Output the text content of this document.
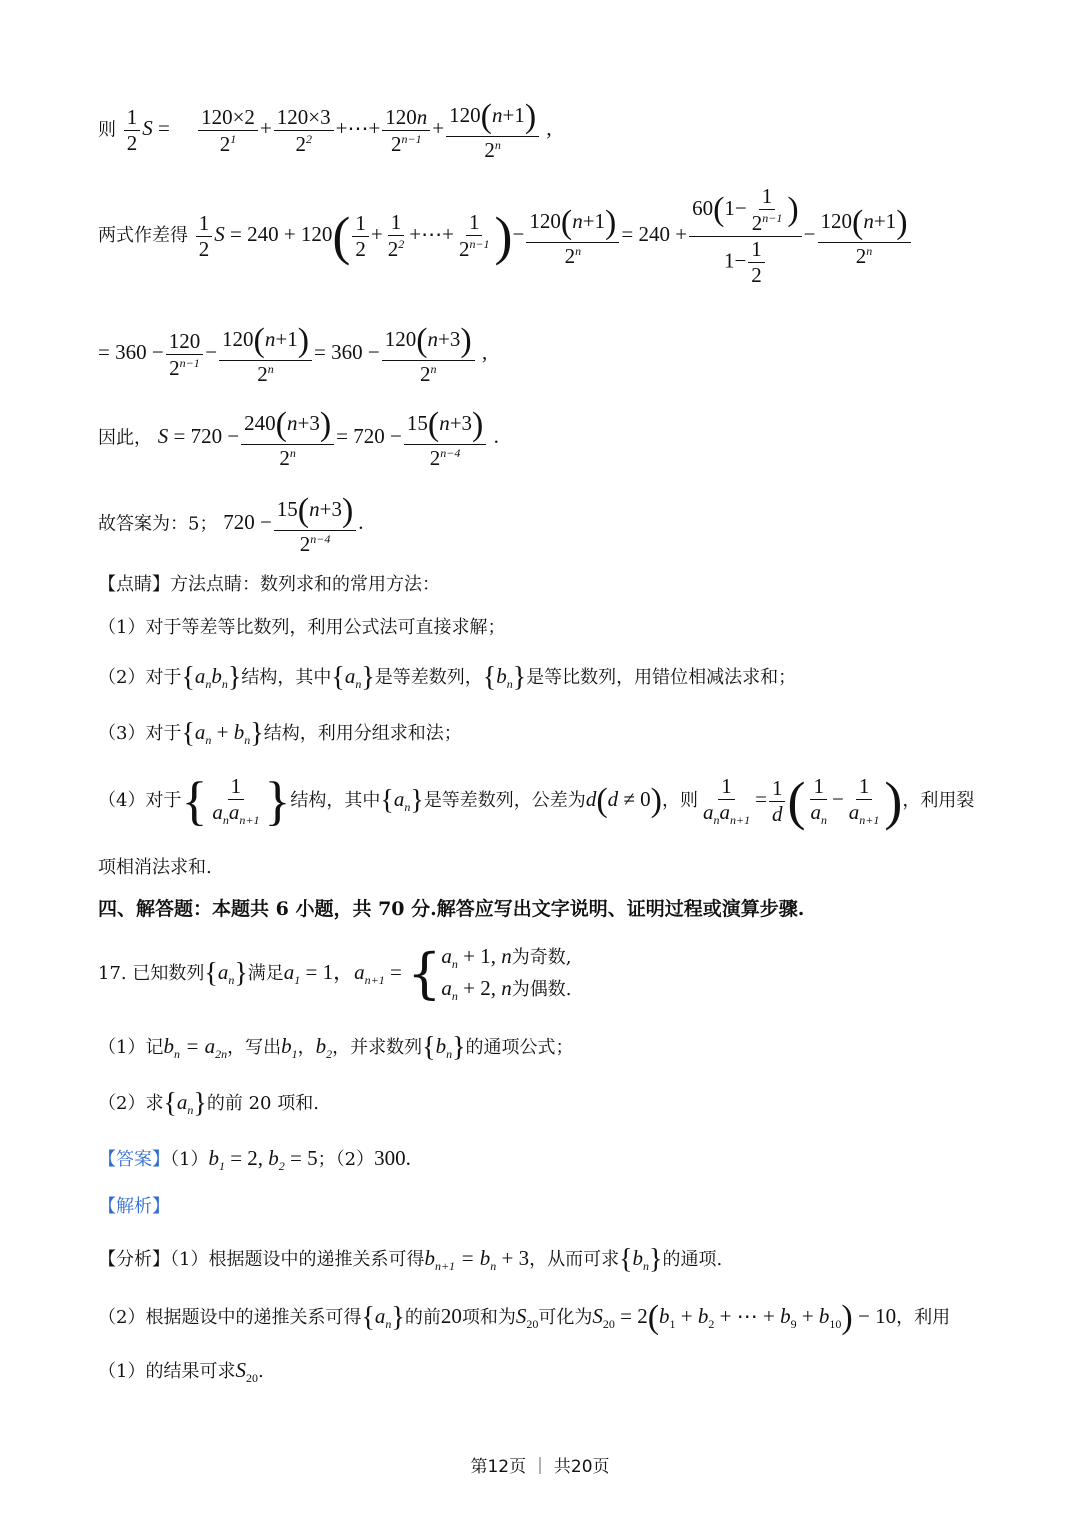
则 $\frac{1}{2}$ $S = \frac{120\times 2}{2^1} + \frac{120\times 3}{2^2}$ +⋯+ $\frac{120n}{2^{n-1}} + \frac{120(n+1)}{2^n}$ ,
两式作差得 $\frac{1}{2}$ $S = 240 + 120( \frac{1}{2} + \frac{1}{2^2}$ +⋯+ $\frac{1}{2^{n-1}}$ )− $\frac{120(n+1)}{2^n} = 240 + \frac{60(1- \frac{1}{2^{n-1}} )}{1- \frac{1}{2}} - \frac{120(n+1)}{2^n}$
= $360 - \frac{120}{2^{n-1}} - \frac{120(n+1)}{2^n} = 360 - \frac{120(n+3)}{2^n}$ ,
因此， $S = 720 - \frac{240(n+3)}{2^n} = 720 - \frac{15(n+3)}{2^{n-4}}$ .
故答案为：5； $720 - \frac{15(n+3)}{2^{n-4}}$ .
【点睛】方法点睛：数列求和的常用方法：
（1）对于等差等比数列，利用公式法可直接求解；
（2）对于$\{a_nb_n\}$结构，其中$\{a_n\}$是等差数列，$\{b_n\}$是等比数列，用错位相减法求和；
（3）对于$\{a_n + b_n\}$结构，利用分组求和法；
（4）对于{ $\frac{1}{a_na_{n+1}}$ }结构，其中$\{a_n\}$是等差数列，公差为d(d ≠ 0)，则 $\frac{1}{a_na_{n+1}} = \frac{1}{d}$ ( $\frac{1}{a_n} - \frac{1}{a_{n+1}}$ )，利用裂
项相消法求和.
四、解答题：本题共 6 小题，共 70 分.解答应写出文字说明、证明过程或演算步骤.
17. 已知数列$\{a_n\}$满足$a_1 = 1$，$a_{n+1}$ = { $a_n + 1$, n为奇数,
$a_n + 2$, n为偶数.
（1）记$b_n = a_{2n}$，写出$b_1$，$b_2$，并求数列$\{b_n\}$的通项公式；
（2）求$\{a_n\}$的前 20 项和.
【答案】$(1)b_1 = 2$, $b_2 = 5$；（2）300.
【解析】
【分析】（1）根据题设中的递推关系可得$b_{n+1} = b_n + 3$，从而可求$\{b_n\}$的通项.
（2）根据题设中的递推关系可得$\{a_n\}$的前20项和为$S_{20}$可化为$S_{20} = 2(b_1 + b_2$ + ⋯ + $b_9 + b_{10}) - 10$，利用
（1）的结果可求$S_{20}$.
第12页 ｜ 共20页
